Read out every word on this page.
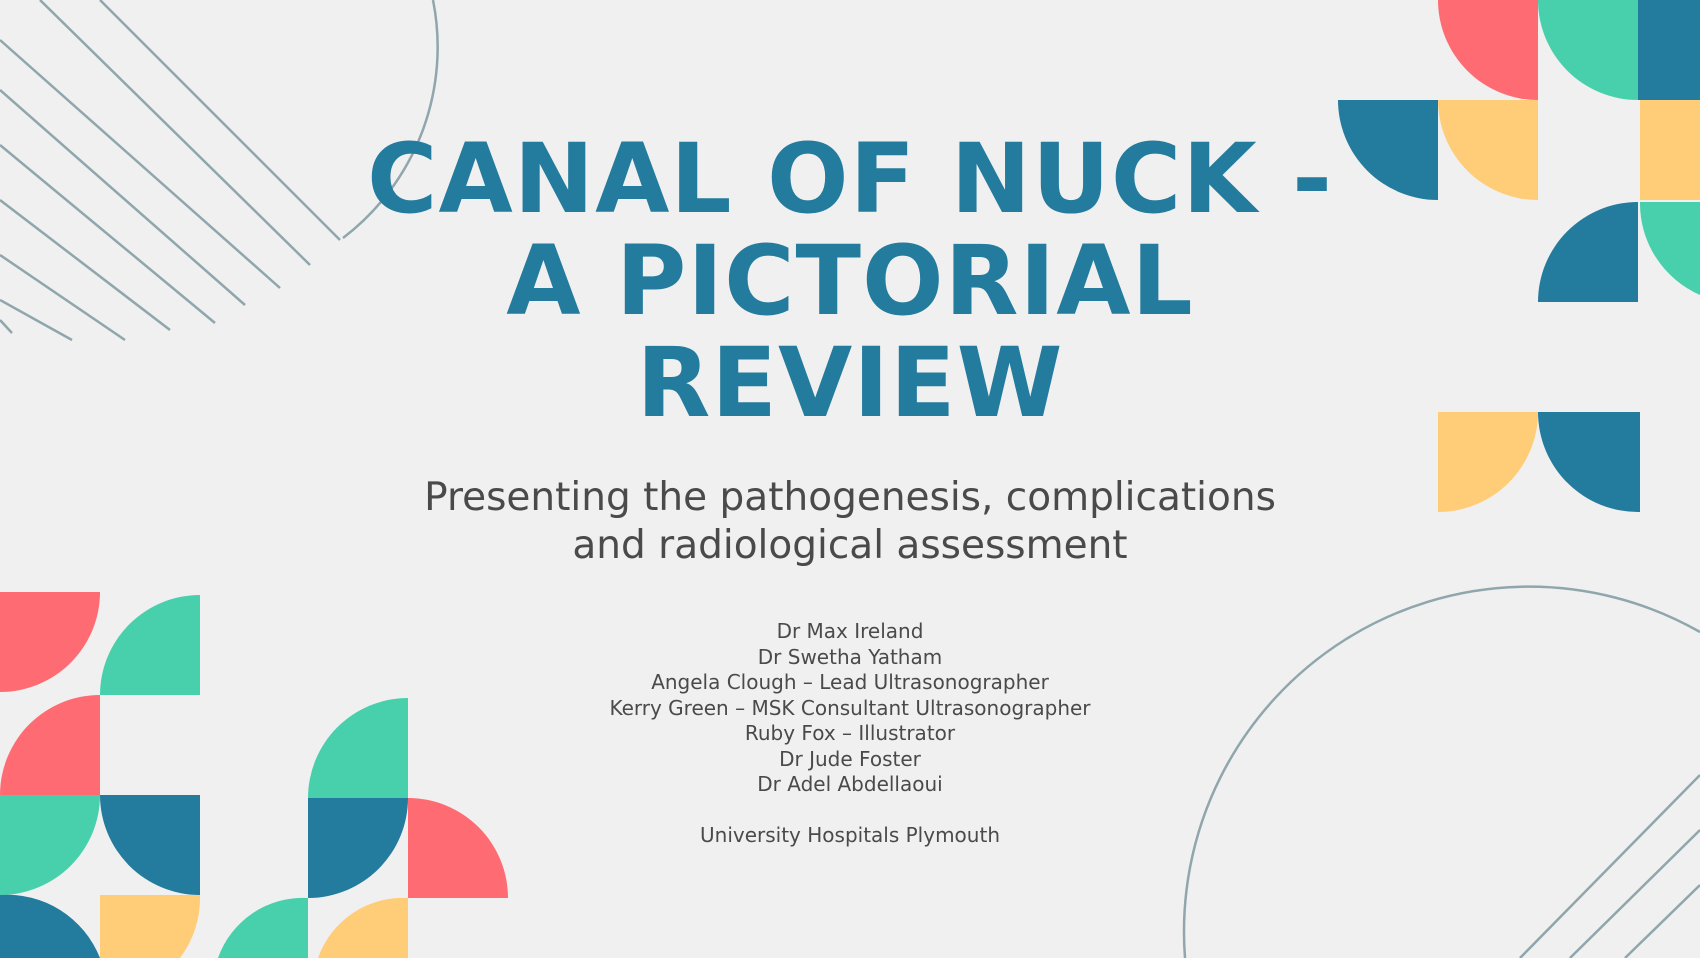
CANAL OF NUCK -
A PICTORIAL
REVIEW
Presenting the pathogenesis, complications
and radiological assessment
Dr Max Ireland
Dr Swetha Yatham
Angela Clough – Lead Ultrasonographer
Kerry Green – MSK Consultant Ultrasonographer
Ruby Fox – Illustrator
Dr Jude Foster
Dr Adel Abdellaoui
University Hospitals Plymouth
